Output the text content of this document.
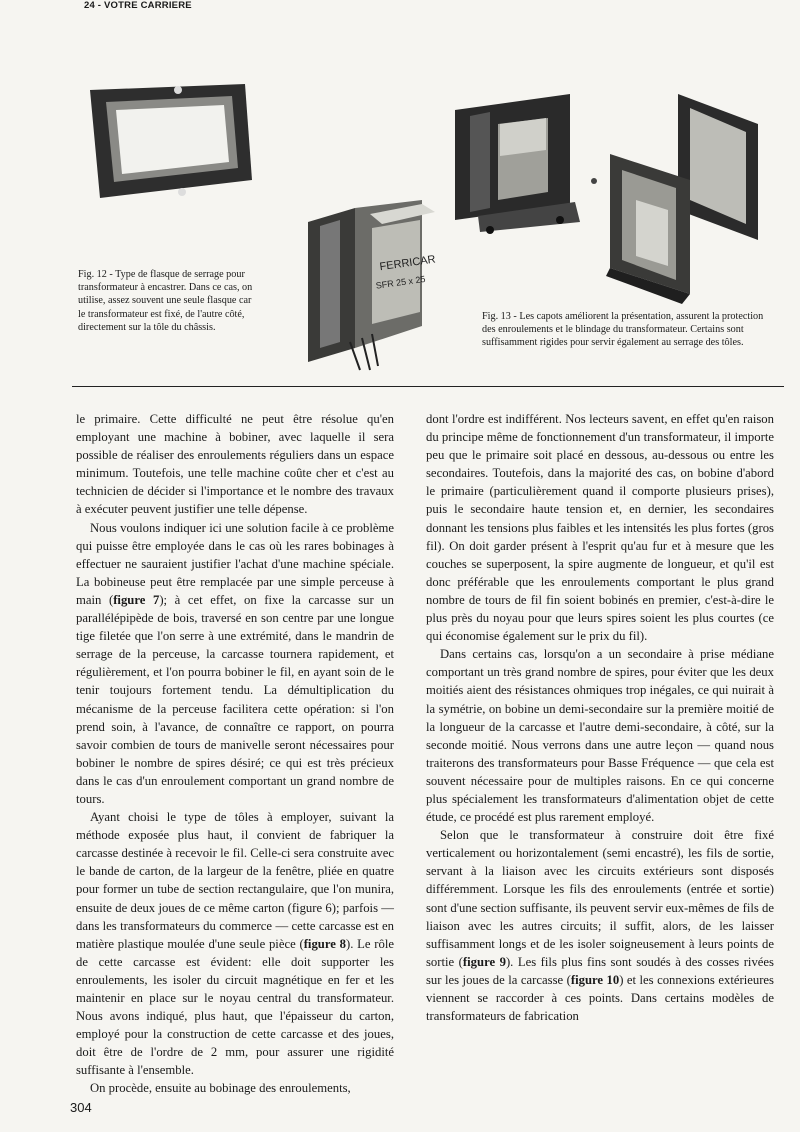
24 - VOTRE CARRIERE
FERRICAR
SFR 25 x 25
Fig. 12 - Type de flasque de serrage pour transformateur à encastrer. Dans ce cas, on utilise, assez souvent une seule flasque car le transformateur est fixé, de l'autre côté, directement sur la tôle du châssis.
Fig. 13 - Les capots améliorent la présentation, assurent la protection des enroulements et le blindage du transformateur. Certains sont suffisamment rigides pour servir également au serrage des tôles.

le primaire. Cette difficulté ne peut être résolue qu'en employant une machine à bobiner, avec laquelle il sera possible de réaliser des enroulements réguliers dans un espace minimum. Toutefois, une telle machine coûte cher et c'est au technicien de décider si l'importance et le nombre des travaux à exécuter peuvent justifier une telle dépense.

Nous voulons indiquer ici une solution facile à ce problème qui puisse être employée dans le cas où les rares bobinages à effectuer ne sauraient justifier l'achat d'une machine spéciale. La bobineuse peut être remplacée par une simple perceuse à main (figure 7); à cet effet, on fixe la carcasse sur un parallélépipède de bois, traversé en son centre par une longue tige filetée que l'on serre à une extrémité, dans le mandrin de serrage de la perceuse, la carcasse tournera rapidement, et régulièrement, et l'on pourra bobiner le fil, en ayant soin de le tenir toujours fortement tendu. La démultiplication du mécanisme de la perceuse facilitera cette opération: si l'on prend soin, à l'avance, de connaître ce rapport, on pourra savoir combien de tours de manivelle seront nécessaires pour bobiner le nombre de spires désiré; ce qui est très précieux dans le cas d'un enroulement comportant un grand nombre de tours.

Ayant choisi le type de tôles à employer, suivant la méthode exposée plus haut, il convient de fabriquer la carcasse destinée à recevoir le fil. Celle-ci sera construite avec le bande de carton, de la largeur de la fenêtre, pliée en quatre pour former un tube de section rectangulaire, que l'on munira, ensuite de deux joues de ce même carton (figure 6); parfois — dans les transformateurs du commerce — cette carcasse est en matière plastique moulée d'une seule pièce (figure 8). Le rôle de cette carcasse est évident: elle doit supporter les enroulements, les isoler du circuit magnétique en fer et les maintenir en place sur le noyau central du transformateur. Nous avons indiqué, plus haut, que l'épaisseur du carton, employé pour la construction de cette carcasse et des joues, doit être de l'ordre de 2 mm, pour assurer une rigidité suffisante à l'ensemble.

On procède, ensuite au bobinage des enroulements,

dont l'ordre est indifférent. Nos lecteurs savent, en effet qu'en raison du principe même de fonctionnement d'un transformateur, il importe peu que le primaire soit placé en dessous, au-dessous ou entre les secondaires. Toutefois, dans la majorité des cas, on bobine d'abord le primaire (particulièrement quand il comporte plusieurs prises), puis le secondaire haute tension et, en dernier, les secondaires donnant les tensions plus faibles et les intensités les plus fortes (gros fil). On doit garder présent à l'esprit qu'au fur et à mesure que les couches se superposent, la spire augmente de longueur, et qu'il est donc préférable que les enroulements comportant le plus grand nombre de tours de fil fin soient bobinés en premier, c'est-à-dire le plus près du noyau pour que leurs spires soient les plus courtes (ce qui économise également sur le prix du fil).

Dans certains cas, lorsqu'on a un secondaire à prise médiane comportant un très grand nombre de spires, pour éviter que les deux moitiés aient des résistances ohmiques trop inégales, ce qui nuirait à la symétrie, on bobine un demi-secondaire sur la première moitié de la longueur de la carcasse et l'autre demi-secondaire, à côté, sur la seconde moitié. Nous verrons dans une autre leçon — quand nous traiterons des transformateurs pour Basse Fréquence — que cela est souvent nécessaire pour de multiples raisons. En ce qui concerne plus spécialement les transformateurs d'alimentation objet de cette étude, ce procédé est plus rarement employé.

Selon que le transformateur à construire doit être fixé verticalement ou horizontalement (semi encastré), les fils de sortie, servant à la liaison avec les circuits extérieurs sont disposés différemment. Lorsque les fils des enroulements (entrée et sortie) sont d'une section suffisante, ils peuvent servir eux-mêmes de fils de liaison avec les autres circuits; il suffit, alors, de les laisser suffisamment longs et de les isoler soigneusement à leurs points de sortie (figure 9). Les fils plus fins sont soudés à des cosses rivées sur les joues de la carcasse (figure 10) et les connexions extérieures viennent se raccorder à ces points. Dans certains modèles de transformateurs de fabrication

304
